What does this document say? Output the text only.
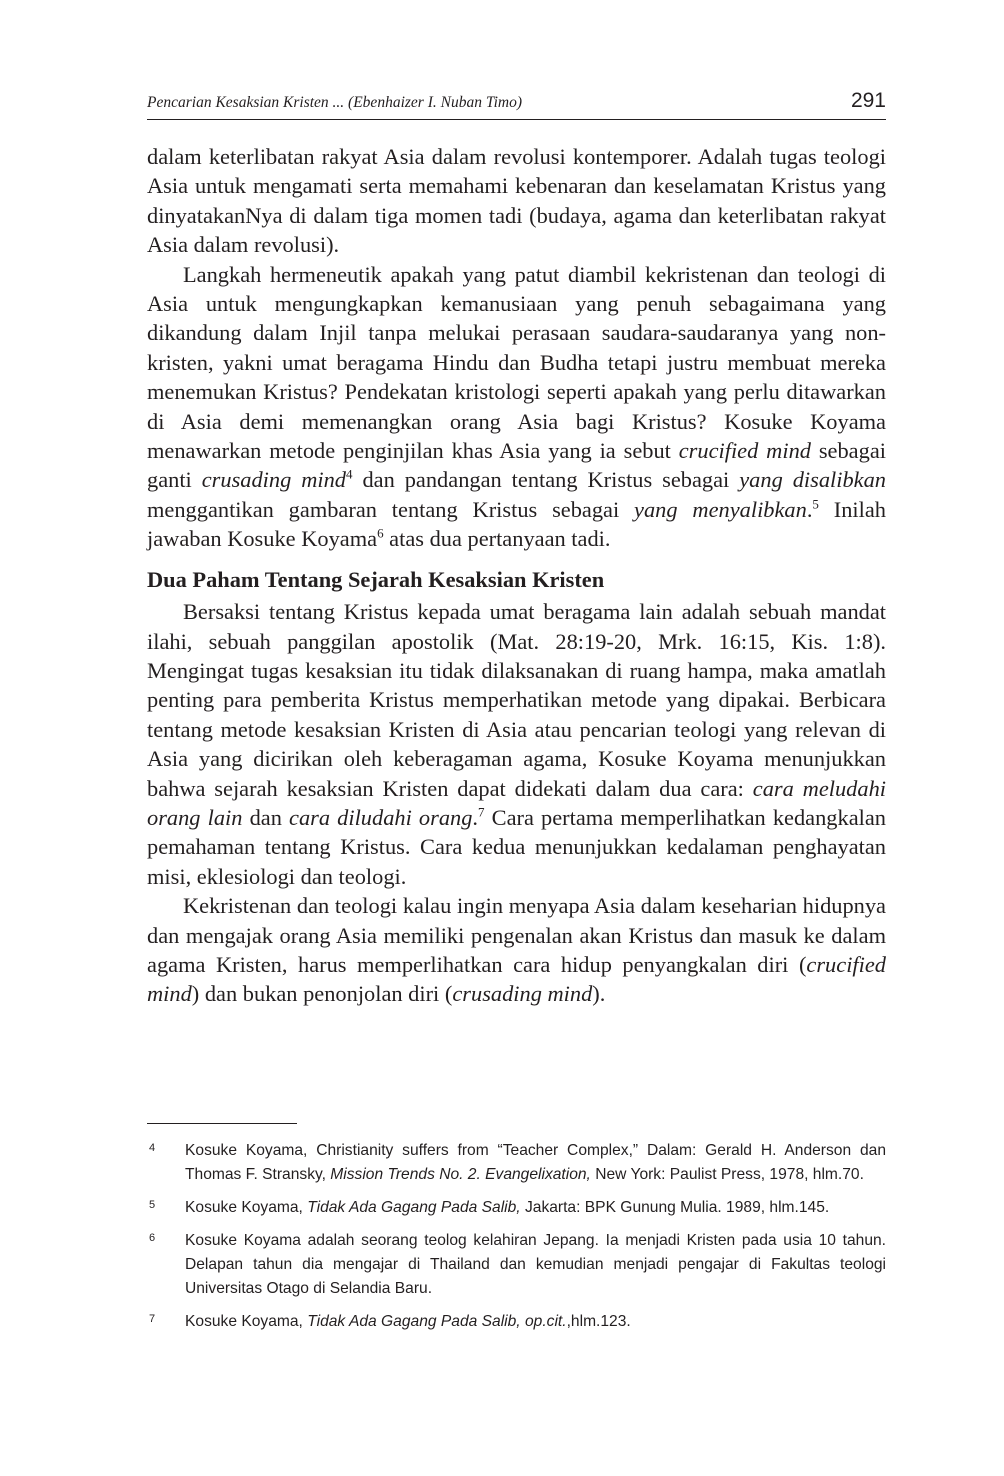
Pencarian Kesaksian Kristen ... (Ebenhaizer I. Nuban Timo)	291

dalam keterlibatan rakyat Asia dalam revolusi kontemporer. Adalah tugas teologi Asia untuk mengamati serta memahami kebenaran dan keselamatan Kristus yang dinyatakanNya di dalam tiga momen tadi (budaya, agama dan keterlibatan rakyat Asia dalam revolusi).

Langkah hermeneutik apakah yang patut diambil kekristenan dan teologi di Asia untuk mengungkapkan kemanusiaan yang penuh sebagaimana yang dikandung dalam Injil tanpa melukai perasaan saudara-saudaranya yang non-kristen, yakni umat beragama Hindu dan Budha tetapi justru membuat mereka menemukan Kristus? Pendekatan kristologi seperti apakah yang perlu ditawarkan di Asia demi memenangkan orang Asia bagi Kristus? Kosuke Koyama menawarkan metode penginjilan khas Asia yang ia sebut crucified mind sebagai ganti crusading mind$^4$ dan pandangan tentang Kristus sebagai yang disalibkan menggantikan gambaran tentang Kristus sebagai yang menyalibkan.$^5$ Inilah jawaban Kosuke Koyama$^6$ atas dua pertanyaan tadi.

Dua Paham Tentang Sejarah Kesaksian Kristen

Bersaksi tentang Kristus kepada umat beragama lain adalah sebuah mandat ilahi, sebuah panggilan apostolik (Mat. 28:19-20, Mrk. 16:15, Kis. 1:8). Mengingat tugas kesaksian itu tidak dilaksanakan di ruang hampa, maka amatlah penting para pemberita Kristus memperhatikan metode yang dipakai. Berbicara tentang metode kesaksian Kristen di Asia atau pencarian teologi yang relevan di Asia yang dicirikan oleh keberagaman agama, Kosuke Koyama menunjukkan bahwa sejarah kesaksian Kristen dapat didekati dalam dua cara: cara meludahi orang lain dan cara diludahi orang.$^7$ Cara pertama memperlihatkan kedangkalan pemahaman tentang Kristus. Cara kedua menunjukkan kedalaman penghayatan misi, eklesiologi dan teologi.

Kekristenan dan teologi kalau ingin menyapa Asia dalam keseharian hidupnya dan mengajak orang Asia memiliki pengenalan akan Kristus dan masuk ke dalam agama Kristen, harus memperlihatkan cara hidup penyangkalan diri (crucified mind) dan bukan penonjolan diri (crusading mind).

4 Kosuke Koyama, Christianity suffers from “Teacher Complex,” Dalam: Gerald H. Anderson dan Thomas F. Stransky, Mission Trends No. 2. Evangelixation, New York: Paulist Press, 1978, hlm.70.
5 Kosuke Koyama, Tidak Ada Gagang Pada Salib, Jakarta: BPK Gunung Mulia. 1989, hlm.145.
6 Kosuke Koyama adalah seorang teolog kelahiran Jepang. Ia menjadi Kristen pada usia 10 tahun. Delapan tahun dia mengajar di Thailand dan kemudian menjadi pengajar di Fakultas teologi Universitas Otago di Selandia Baru.
7 Kosuke Koyama, Tidak Ada Gagang Pada Salib, op.cit.,hlm.123.
